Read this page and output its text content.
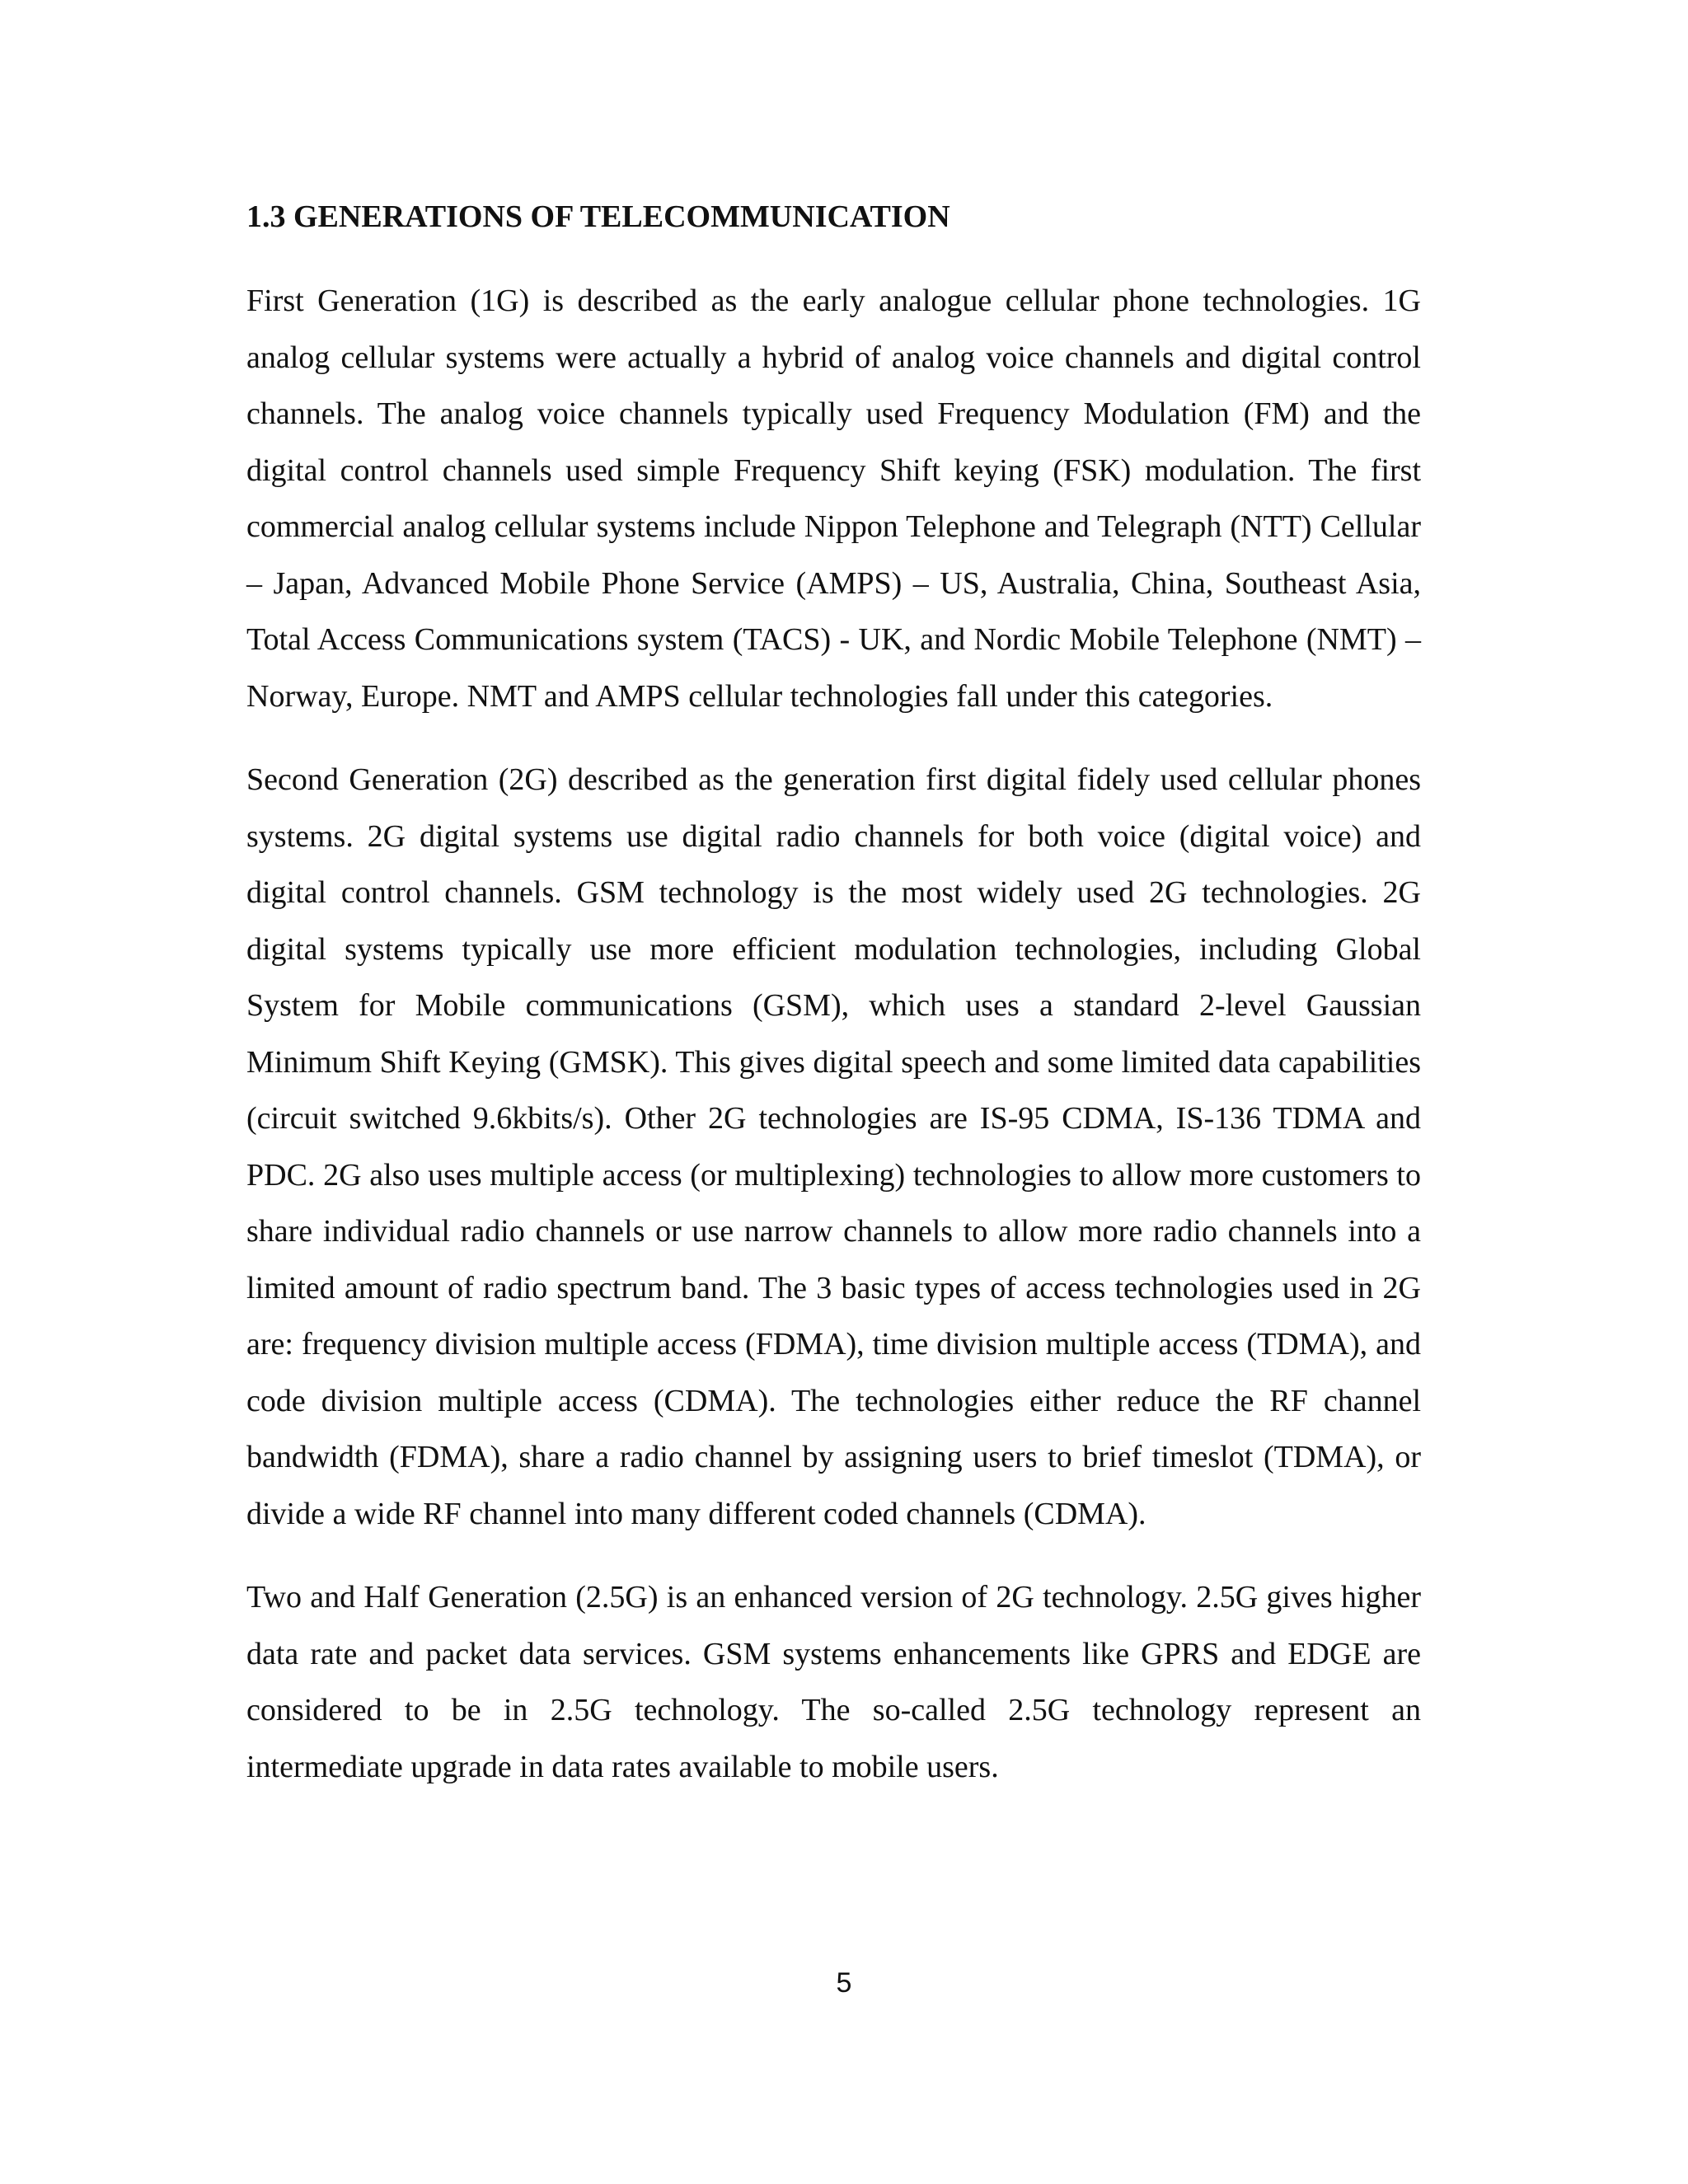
1.3 GENERATIONS OF TELECOMMUNICATION

First Generation (1G) is described as the early analogue cellular phone technologies. 1G analog cellular systems were actually a hybrid of analog voice channels and digital control channels. The analog voice channels typically used Frequency Modulation (FM) and the digital control channels used simple Frequency Shift keying (FSK) modulation. The first commercial analog cellular systems include Nippon Telephone and Telegraph (NTT) Cellular – Japan, Advanced Mobile Phone Service (AMPS) – US, Australia, China, Southeast Asia, Total Access Communications system (TACS) - UK, and Nordic Mobile Telephone (NMT) – Norway, Europe. NMT and AMPS cellular technologies fall under this categories.

Second Generation (2G) described as the generation first digital fidely used cellular phones systems. 2G digital systems use digital radio channels for both voice (digital voice) and digital control channels. GSM technology is the most widely used 2G technologies. 2G digital systems typically use more efficient modulation technologies, including Global System for Mobile communications (GSM), which uses a standard 2-level Gaussian Minimum Shift Keying (GMSK). This gives digital speech and some limited data capabilities (circuit switched 9.6kbits/s). Other 2G technologies are IS-95 CDMA, IS-136 TDMA and PDC. 2G also uses multiple access (or multiplexing) technologies to allow more customers to share individual radio channels or use narrow channels to allow more radio channels into a limited amount of radio spectrum band. The 3 basic types of access technologies used in 2G are: frequency division multiple access (FDMA), time division multiple access (TDMA), and code division multiple access (CDMA). The technologies either reduce the RF channel bandwidth (FDMA), share a radio channel by assigning users to brief timeslot (TDMA), or divide a wide RF channel into many different coded channels (CDMA).

Two and Half Generation (2.5G) is an enhanced version of 2G technology. 2.5G gives higher data rate and packet data services. GSM systems enhancements like GPRS and EDGE are considered to be in 2.5G technology. The so-called 2.5G technology represent an intermediate upgrade in data rates available to mobile users.

5
